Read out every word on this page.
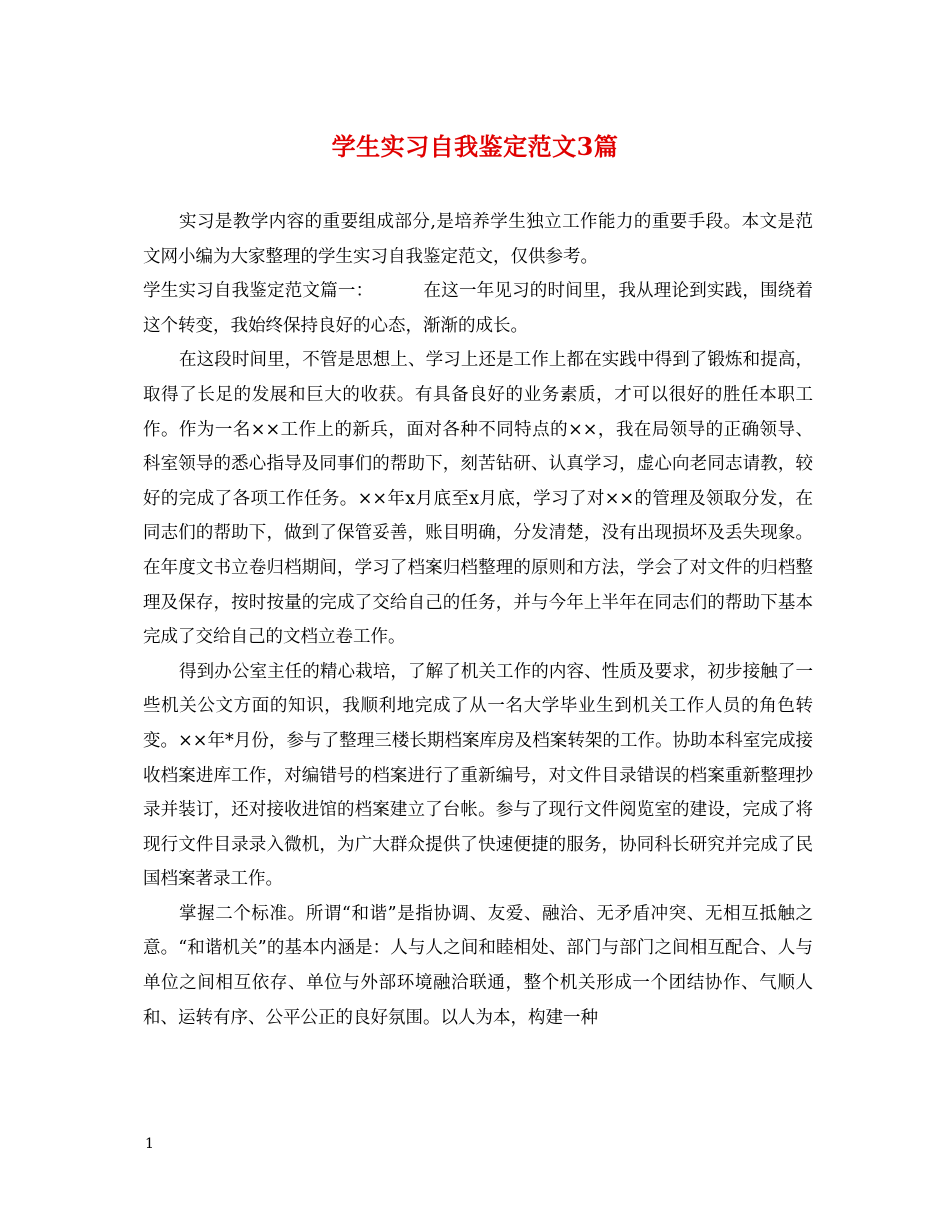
学生实习自我鉴定范文3篇

实习是教学内容的重要组成部分,是培养学生独立工作能力的重要手段。本文是范文网小编为大家整理的学生实习自我鉴定范文，仅供参考。

学生实习自我鉴定范文篇一：	在这一年见习的时间里，我从理论到实践，围绕着这个转变，我始终保持良好的心态，渐渐的成长。

在这段时间里，不管是思想上、学习上还是工作上都在实践中得到了锻炼和提高，取得了长足的发展和巨大的收获。有具备良好的业务素质，才可以很好的胜任本职工作。作为一名××工作上的新兵，面对各种不同特点的××，我在局领导的正确领导、科室领导的悉心指导及同事们的帮助下，刻苦钻研、认真学习，虚心向老同志请教，较好的完成了各项工作任务。××年x月底至x月底，学习了对××的管理及领取分发，在同志们的帮助下，做到了保管妥善，账目明确，分发清楚，没有出现损坏及丢失现象。在年度文书立卷归档期间，学习了档案归档整理的原则和方法，学会了对文件的归档整理及保存，按时按量的完成了交给自己的任务，并与今年上半年在同志们的帮助下基本完成了交给自己的文档立卷工作。

得到办公室主任的精心栽培，了解了机关工作的内容、性质及要求，初步接触了一些机关公文方面的知识，我顺利地完成了从一名大学毕业生到机关工作人员的角色转变。××年*月份，参与了整理三楼长期档案库房及档案转架的工作。协助本科室完成接收档案进库工作，对编错号的档案进行了重新编号，对文件目录错误的档案重新整理抄录并装订，还对接收进馆的档案建立了台帐。参与了现行文件阅览室的建设，完成了将现行文件目录录入微机，为广大群众提供了快速便捷的服务，协同科长研究并完成了民国档案著录工作。

掌握二个标准。所谓“和谐”是指协调、友爱、融洽、无矛盾冲突、无相互抵触之意。“和谐机关”的基本内涵是：人与人之间和睦相处、部门与部门之间相互配合、人与单位之间相互依存、单位与外部环境融洽联通，整个机关形成一个团结协作、气顺人和、运转有序、公平公正的良好氛围。以人为本，构建一种

1
